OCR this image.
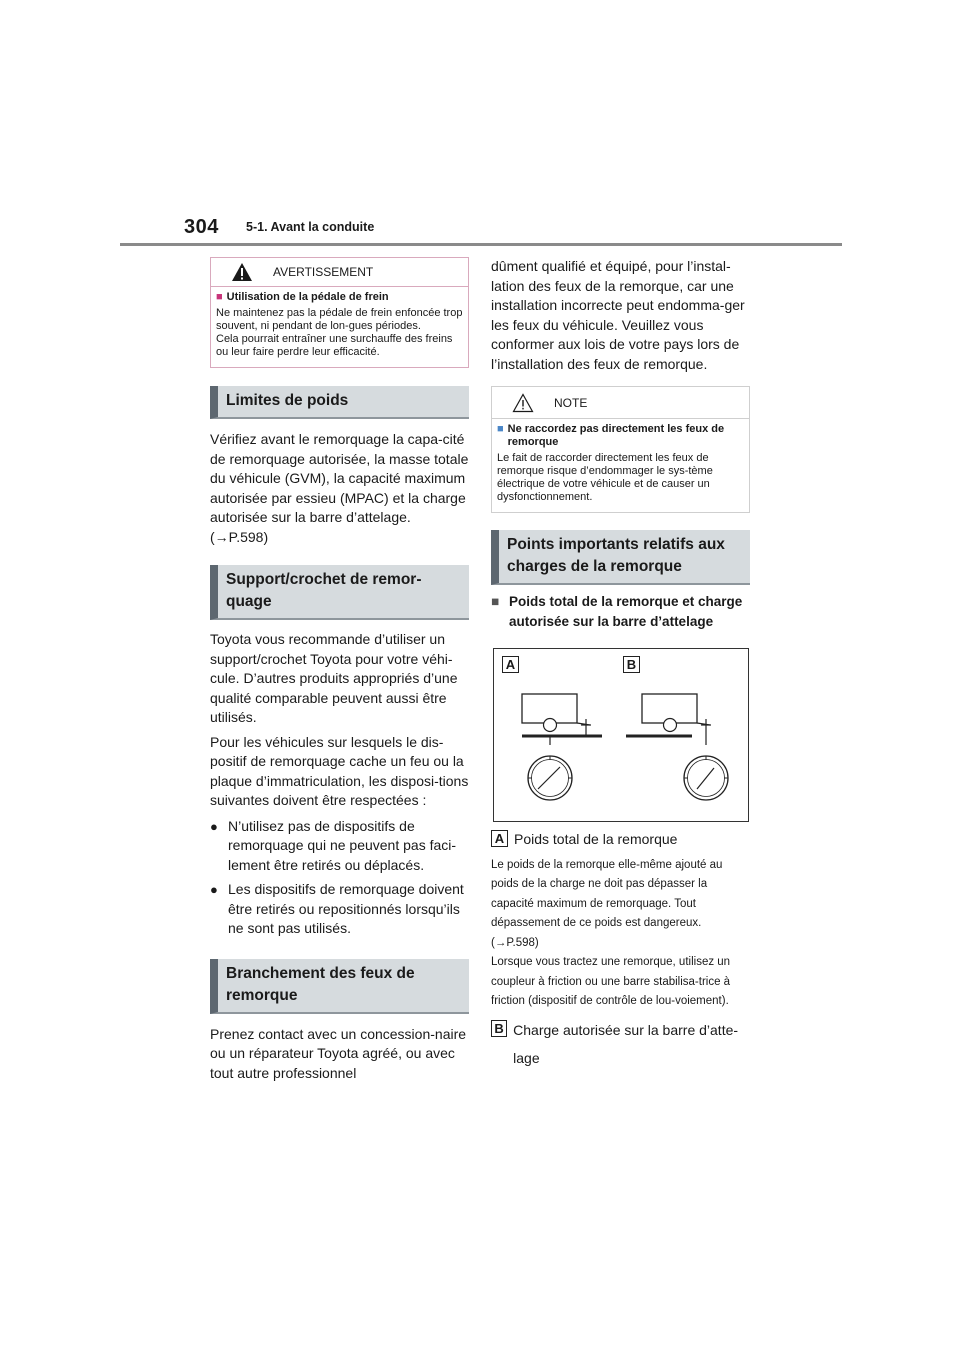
304 5-1. Avant la conduite
AVERTISSEMENT
■ Utilisation de la pédale de frein

Ne maintenez pas la pédale de frein enfoncée trop souvent, ni pendant de lon-gues périodes.

Cela pourrait entraîner une surchauffe des freins ou leur faire perdre leur efficacité.

Limites de poids

Vérifiez avant le remorquage la capa-cité de remorquage autorisée, la masse totale du véhicule (GVM), la capacité maximum autorisée par essieu (MPAC) et la charge autorisée sur la barre d’attelage. (→P.598)

Support/crochet de remor-quage

Toyota vous recommande d’utiliser un support/crochet Toyota pour votre véhi-cule. D’autres produits appropriés d’une qualité comparable peuvent aussi être utilisés.

Pour les véhicules sur lesquels le dis-positif de remorquage cache un feu ou la plaque d’immatriculation, les disposi-tions suivantes doivent être respectées :

● N’utilisez pas de dispositifs de remorquage qui ne peuvent pas faci-lement être retirés ou déplacés.
● Les dispositifs de remorquage doivent être retirés ou repositionnés lorsqu’ils ne sont pas utilisés.
Branchement des feux de remorque

Prenez contact avec un concession-naire ou un réparateur Toyota agréé, ou avec tout autre professionnel

dûment qualifié et équipé, pour l’instal-lation des feux de la remorque, car une installation incorrecte peut endomma-ger les feux du véhicule. Veuillez vous conformer aux lois de votre pays lors de l’installation des feux de remorque.

NOTE
■ Ne raccordez pas directement les feux de remorque

Le fait de raccorder directement les feux de remorque risque d’endommager le sys-tème électrique de votre véhicule et de causer un dysfonctionnement.

Points importants relatifs aux charges de la remorque
■ Poids total de la remorque et charge autorisée sur la barre d’attelage
A	B
A Poids total de la remorque

Le poids de la remorque elle-même ajouté au poids de la charge ne doit pas dépasser la capacité maximum de remorquage. Tout dépassement de ce poids est dangereux. (→P.598)

Lorsque vous tractez une remorque, utilisez un coupleur à friction ou une barre stabilisa-trice à friction (dispositif de contrôle de lou-voiement).

B Charge autorisée sur la barre d’atte-lage
